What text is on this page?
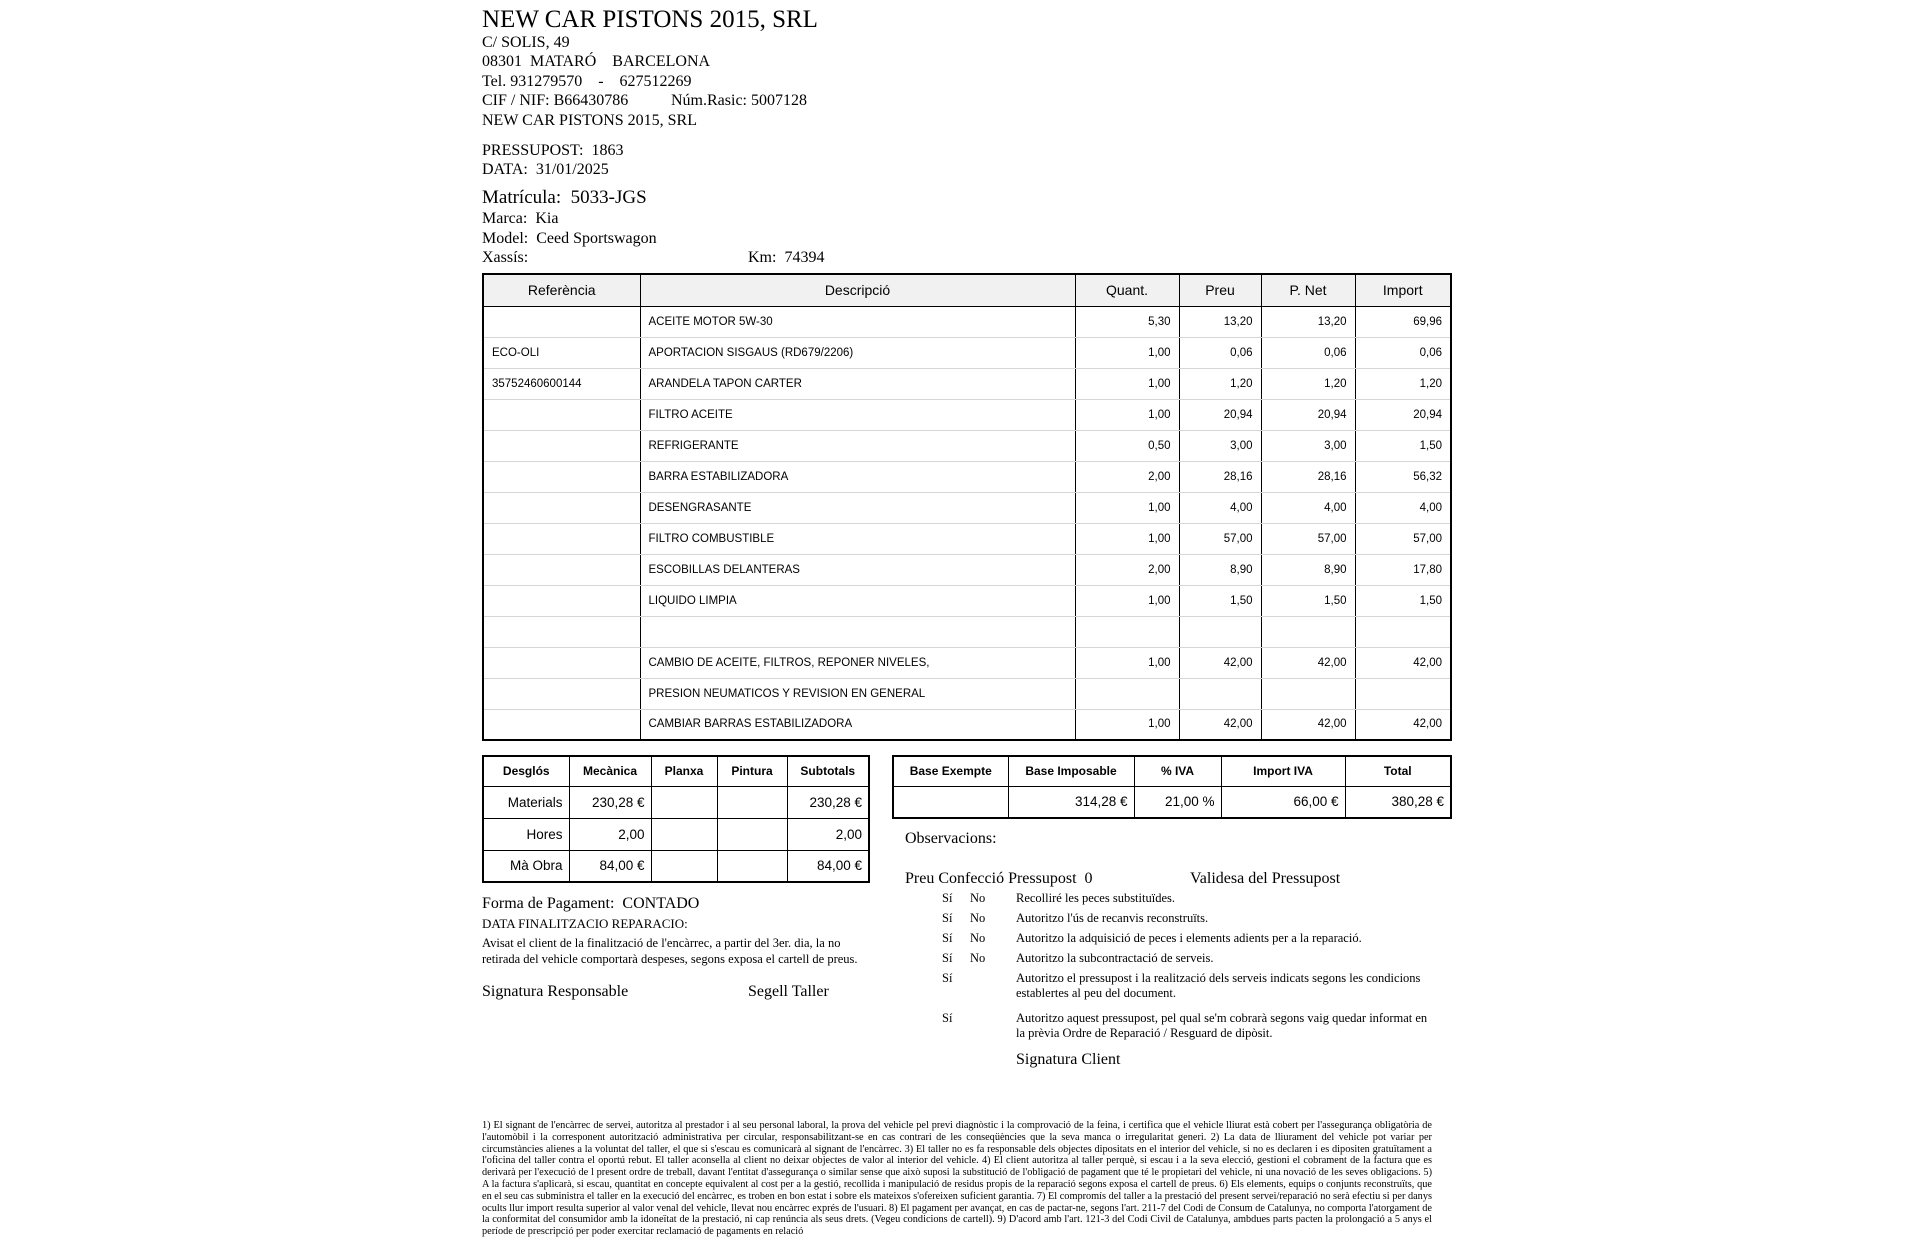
NEW CAR PISTONS 2015, SRL
C/ SOLIS, 49
08301 MATARÓ BARCELONA
Tel. 931279570 - 627512269
CIF / NIF: B66430786	Núm.Rasic: 5007128
NEW CAR PISTONS 2015, SRL
PRESSUPOST: 1863
DATA: 31/01/2025
Matrícula: 5033-JGS
Marca: Kia
Model: Ceed Sportswagon
Xassís:	Km: 74394
Referència	Descripció	Quant.	Preu	P. Net	Import
	ACEITE MOTOR 5W-30	5,30	13,20	13,20	69,96
ECO-OLI	APORTACION SISGAUS (RD679/2206)	1,00	0,06	0,06	0,06
35752460600144	ARANDELA TAPON CARTER	1,00	1,20	1,20	1,20
	FILTRO ACEITE	1,00	20,94	20,94	20,94
	REFRIGERANTE	0,50	3,00	3,00	1,50
	BARRA ESTABILIZADORA	2,00	28,16	28,16	56,32
	DESENGRASANTE	1,00	4,00	4,00	4,00
	FILTRO COMBUSTIBLE	1,00	57,00	57,00	57,00
	ESCOBILLAS DELANTERAS	2,00	8,90	8,90	17,80
	LIQUIDO LIMPIA	1,00	1,50	1,50	1,50

	CAMBIO DE ACEITE, FILTROS, REPONER NIVELES,	1,00	42,00	42,00	42,00
	PRESION NEUMATICOS Y REVISION EN GENERAL				
	CAMBIAR BARRAS ESTABILIZADORA	1,00	42,00	42,00	42,00
Desglós	Mecànica	Planxa	Pintura	Subtotals
Materials	230,28 €			230,28 €
Hores	2,00			2,00
Mà Obra	84,00 €			84,00 €
Base Exempte	Base Imposable	% IVA	Import IVA	Total
	314,28 €	21,00 %	66,00 €	380,28 €
Forma de Pagament: CONTADO
DATA FINALITZACIO REPARACIO:
Avisat el client de la finalització de l'encàrrec, a partir del 3er. dia, la no retirada del vehicle comportarà despeses, segons exposa el cartell de preus.
Signatura Responsable	Segell Taller
Observacions:
Preu Confecció Pressupost 0	Validesa del Pressupost
Sí No Recolliré les peces substituïdes.
Sí No Autoritzo l'ús de recanvis reconstruïts.
Sí No Autoritzo la adquisició de peces i elements adients per a la reparació.
Sí No Autoritzo la subcontractació de serveis.
Sí	Autoritzo el pressupost i la realització dels serveis indicats segons les condicions establertes al peu del document.
Sí	Autoritzo aquest pressupost, pel qual se'm cobrarà segons vaig quedar informat en la prèvia Ordre de Reparació / Resguard de dipòsit.
Signatura Client
1) El signant de l'encàrrec de servei, autoritza al prestador i al seu personal laboral, la prova del vehicle pel previ diagnòstic i la comprovació de la feina, i certifica que el vehicle lliurat està cobert per l'assegurança obligatòria de l'automòbil i la corresponent autorització administrativa per circular, responsabilitzant-se en cas contrari de les conseqüències que la seva manca o irregularitat generi. 2) La data de lliurament del vehicle pot variar per circumstàncies alienes a la voluntat del taller, el que si s'escau es comunicarà al signant de l'encàrrec. 3) El taller no es fa responsable dels objectes dipositats en el interior del vehicle, si no es declaren i es dipositen gratuïtament a l'oficina del taller contra el oportú rebut. El taller aconsella al client no deixar objectes de valor al interior del vehicle. 4) El client autoritza al taller perquè, si escau i a la seva elecció, gestioni el cobrament de la factura que es derivarà per l'execució de l present ordre de treball, davant l'entitat d'assegurança o similar sense que això suposi la substitució de l'obligació de pagament que té le propietari del vehicle, ni una novació de les seves obligacions. 5) A la factura s'aplicarà, si escau, quantitat en concepte equivalent al cost per a la gestió, recollida i manipulació de residus propis de la reparació segons exposa el cartell de preus. 6) Els elements, equips o conjunts reconstruïts, que en el seu cas subministra el taller en la execució del encàrrec, es troben en bon estat i sobre els mateixos s'ofereixen suficient garantia. 7) El compromís del taller a la prestació del present servei/reparació no serà efectiu si per danys ocults llur import resulta superior al valor venal del vehicle, llevat nou encàrrec exprés de l'usuari. 8) El pagament per avançat, en cas de pactar-ne, segons l'art. 211-7 del Codi de Consum de Catalunya, no comporta l'atorgament de la conformitat del consumidor amb la idoneïtat de la prestació, ni cap renúncia als seus drets. (Vegeu condicions de cartell). 9) D'acord amb l'art. 121-3 del Codi Civil de Catalunya, ambdues parts pacten la prolongació a 5 anys el període de prescripció per poder exercitar reclamació de pagaments en relació
